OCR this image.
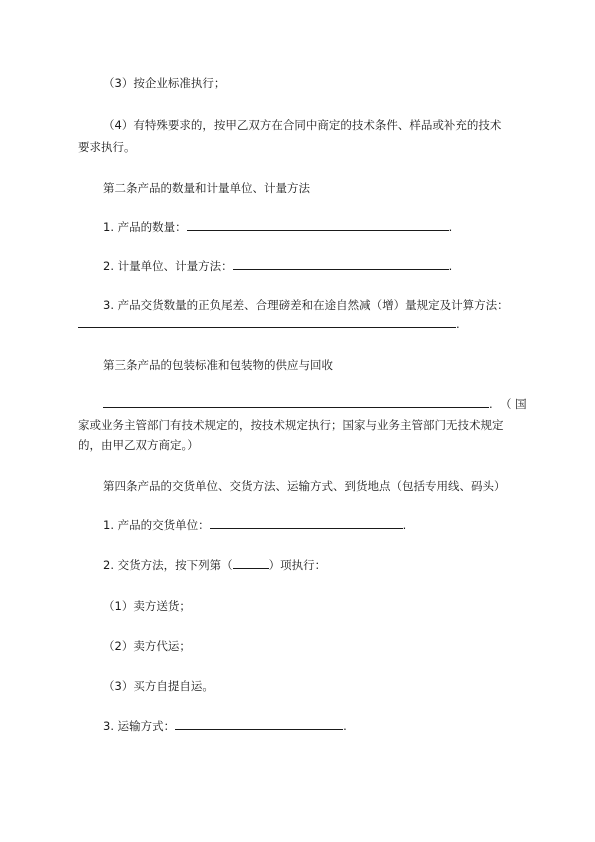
（3）按企业标准执行；
（4）有特殊要求的，按甲乙双方在合同中商定的技术条件、样品或补充的技术
要求执行。
第二条产品的数量和计量单位、计量方法
1. 产品的数量：	.
2. 计量单位、计量方法：	.
3. 产品交货数量的正负尾差、合理磅差和在途自然减（增）量规定及计算方法：
.
第三条产品的包装标准和包装物的供应与回收
. （ 国
家或业务主管部门有技术规定的，按技术规定执行；国家与业务主管部门无技术规定
的，由甲乙双方商定。）
第四条产品的交货单位、交货方法、运输方式、到货地点（包括专用线、码头）
1. 产品的交货单位：	.
2. 交货方法，按下列第（	）项执行：
（1）卖方送货；
（2）卖方代运；
（3）买方自提自运。
3. 运输方式：	.
